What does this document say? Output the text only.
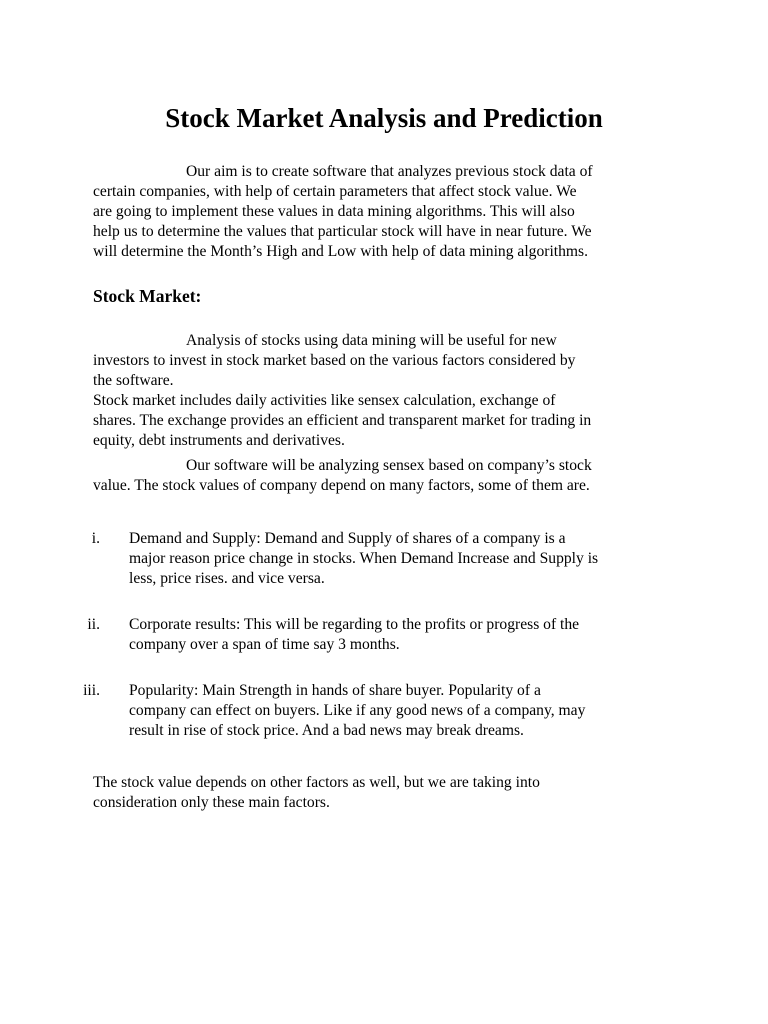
Stock Market Analysis and Prediction

Our aim is to create software that analyzes previous stock data of
certain companies, with help of certain parameters that affect stock value. We
are going to implement these values in data mining algorithms. This will also
help us to determine the values that particular stock will have in near future. We
will determine the Month’s High and Low with help of data mining algorithms.

Stock Market:

Analysis of stocks using data mining will be useful for new
investors to invest in stock market based on the various factors considered by
the software.
Stock market includes daily activities like sensex calculation, exchange of
shares. The exchange provides an efficient and transparent market for trading in
equity, debt instruments and derivatives.

Our software will be analyzing sensex based on company’s stock
value. The stock values of company depend on many factors, some of them are.

i. Demand and Supply: Demand and Supply of shares of a company is a
major reason price change in stocks. When Demand Increase and Supply is
less, price rises. and vice versa.
ii. Corporate results: This will be regarding to the profits or progress of the
company over a span of time say 3 months.
iii. Popularity: Main Strength in hands of share buyer. Popularity of a
company can effect on buyers. Like if any good news of a company, may
result in rise of stock price. And a bad news may break dreams.

The stock value depends on other factors as well, but we are taking into
consideration only these main factors.
